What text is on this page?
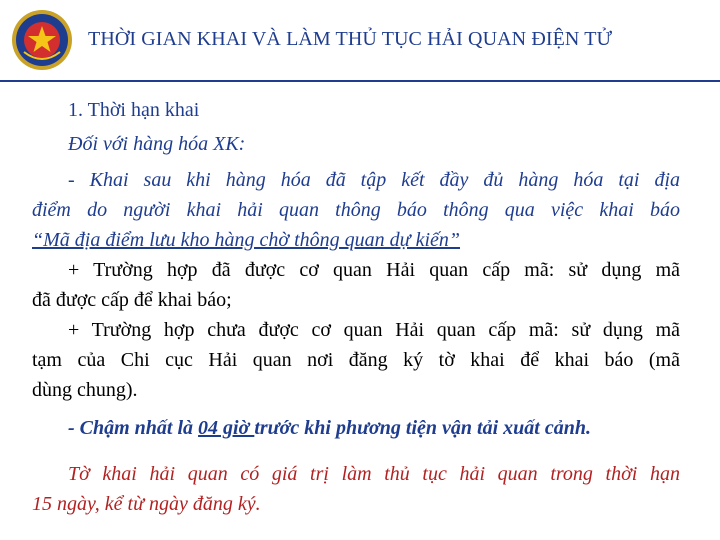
THỜI GIAN KHAI VÀ LÀM THỦ TỤC HẢI QUAN ĐIỆN TỬ
1. Thời hạn khai
Đối với hàng hóa XK:
- Khai sau khi hàng hóa đã tập kết đầy đủ hàng hóa tại địa
điểm do người khai hải quan thông báo thông qua việc khai báo
“Mã địa điểm lưu kho hàng chờ thông quan dự kiến”
+ Trường hợp đã được cơ quan Hải quan cấp mã: sử dụng mã
đã được cấp để khai báo;
+ Trường hợp chưa được cơ quan Hải quan cấp mã: sử dụng mã
tạm của Chi cục Hải quan nơi đăng ký tờ khai để khai báo (mã
dùng chung).
- Chậm nhất là 04 giờ trước khi phương tiện vận tải xuất cảnh.
Tờ khai hải quan có giá trị làm thủ tục hải quan trong thời hạn
15 ngày, kể từ ngày đăng ký.
